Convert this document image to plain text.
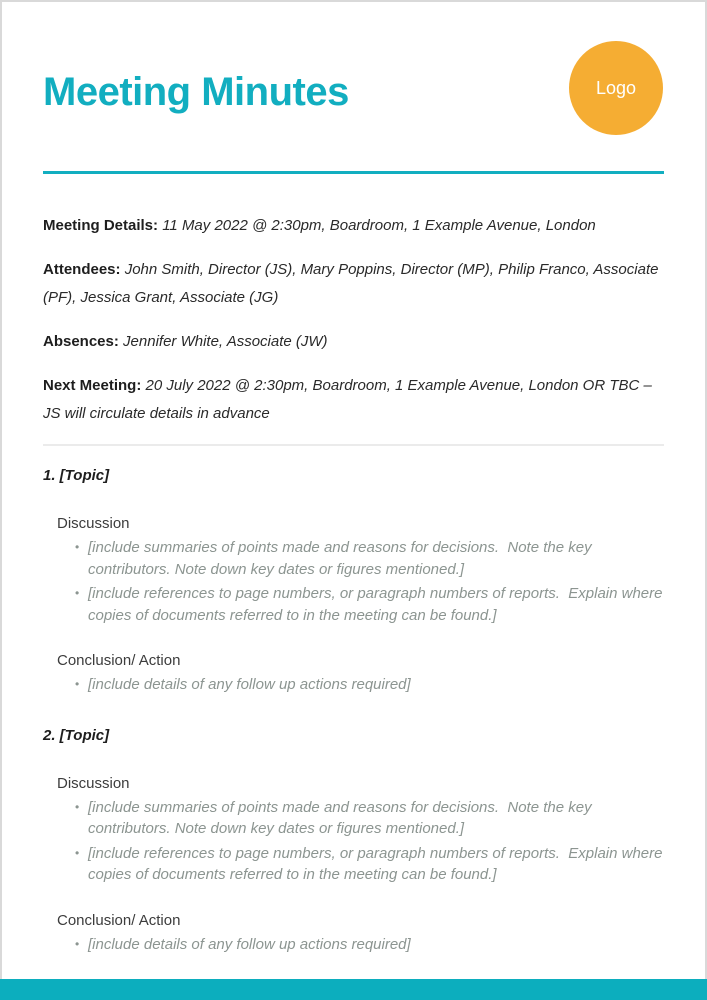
Meeting Minutes	Logo

Meeting Details: 11 May 2022 @ 2:30pm, Boardroom, 1 Example Avenue, London

Attendees: John Smith, Director (JS), Mary Poppins, Director (MP), Philip Franco, Associate (PF), Jessica Grant, Associate (JG)

Absences: Jennifer White, Associate (JW)

Next Meeting: 20 July 2022 @ 2:30pm, Boardroom, 1 Example Avenue, London OR TBC – JS will circulate details in advance

1. [Topic]
Discussion
• [include summaries of points made and reasons for decisions.  Note the key contributors. Note down key dates or figures mentioned.]
• [include references to page numbers, or paragraph numbers of reports.  Explain where copies of documents referred to in the meeting can be found.]
Conclusion/ Action
• [include details of any follow up actions required]
2. [Topic]
Discussion
• [include summaries of points made and reasons for decisions.  Note the key contributors. Note down key dates or figures mentioned.]
• [include references to page numbers, or paragraph numbers of reports.  Explain where copies of documents referred to in the meeting can be found.]
Conclusion/ Action
• [include details of any follow up actions required]
